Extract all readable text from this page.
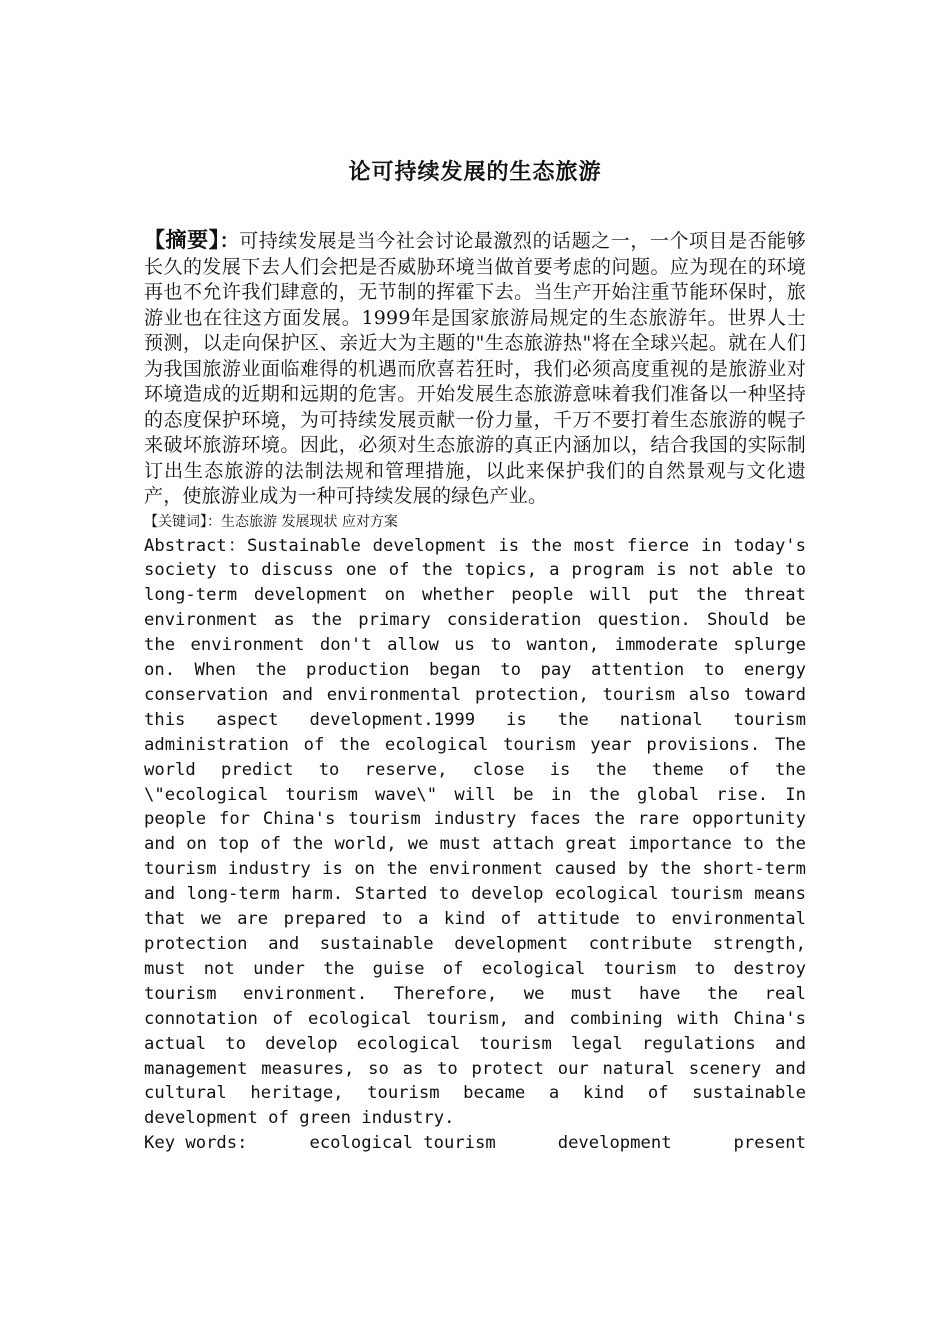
论可持续发展的生态旅游

【摘要】：可持续发展是当今社会讨论最激烈的话题之一，一个项目是否能够长久的发展下去人们会把是否威胁环境当做首要考虑的问题。应为现在的环境再也不允许我们肆意的，无节制的挥霍下去。当生产开始注重节能环保时，旅游业也在往这方面发展。1999年是国家旅游局规定的生态旅游年。世界人士预测，以走向保护区、亲近大为主题的"生态旅游热"将在全球兴起。就在人们为我国旅游业面临难得的机遇而欣喜若狂时，我们必须高度重视的是旅游业对环境造成的近期和远期的危害。开始发展生态旅游意味着我们准备以一种坚持的态度保护环境，为可持续发展贡献一份力量，千万不要打着生态旅游的幌子来破坏旅游环境。因此，必须对生态旅游的真正内涵加以，结合我国的实际制订出生态旅游的法制法规和管理措施，以此来保护我们的自然景观与文化遗产，使旅游业成为一种可持续发展的绿色产业。

【关键词】：生态旅游 发展现状 应对方案

Abstract：Sustainable development is the most fierce in today's society to discuss one of the topics, a program is not able to long-term development on whether people will put the threat environment as the primary consideration question. Should be the environment don't allow us to wanton, immoderate splurge on. When the production began to pay attention to energy conservation and environmental protection, tourism also toward this aspect development.1999 is the national tourism administration of the ecological tourism year provisions. The world predict to reserve, close is the theme of the \"ecological tourism wave\" will be in the global rise. In people for China's tourism industry faces the rare opportunity and on top of the world, we must attach great importance to the tourism industry is on the environment caused by the short-term and long-term harm. Started to develop ecological tourism means that we are prepared to a kind of attitude to environmental protection and sustainable development contribute strength, must not under the guise of ecological tourism to destroy tourism environment. Therefore, we must have the real connotation of ecological tourism, and combining with China's actual to develop ecological tourism legal regulations and management measures, so as to protect our natural scenery and cultural heritage, tourism became a kind of sustainable development of green industry.

Key words:	ecological tourism	development	present
